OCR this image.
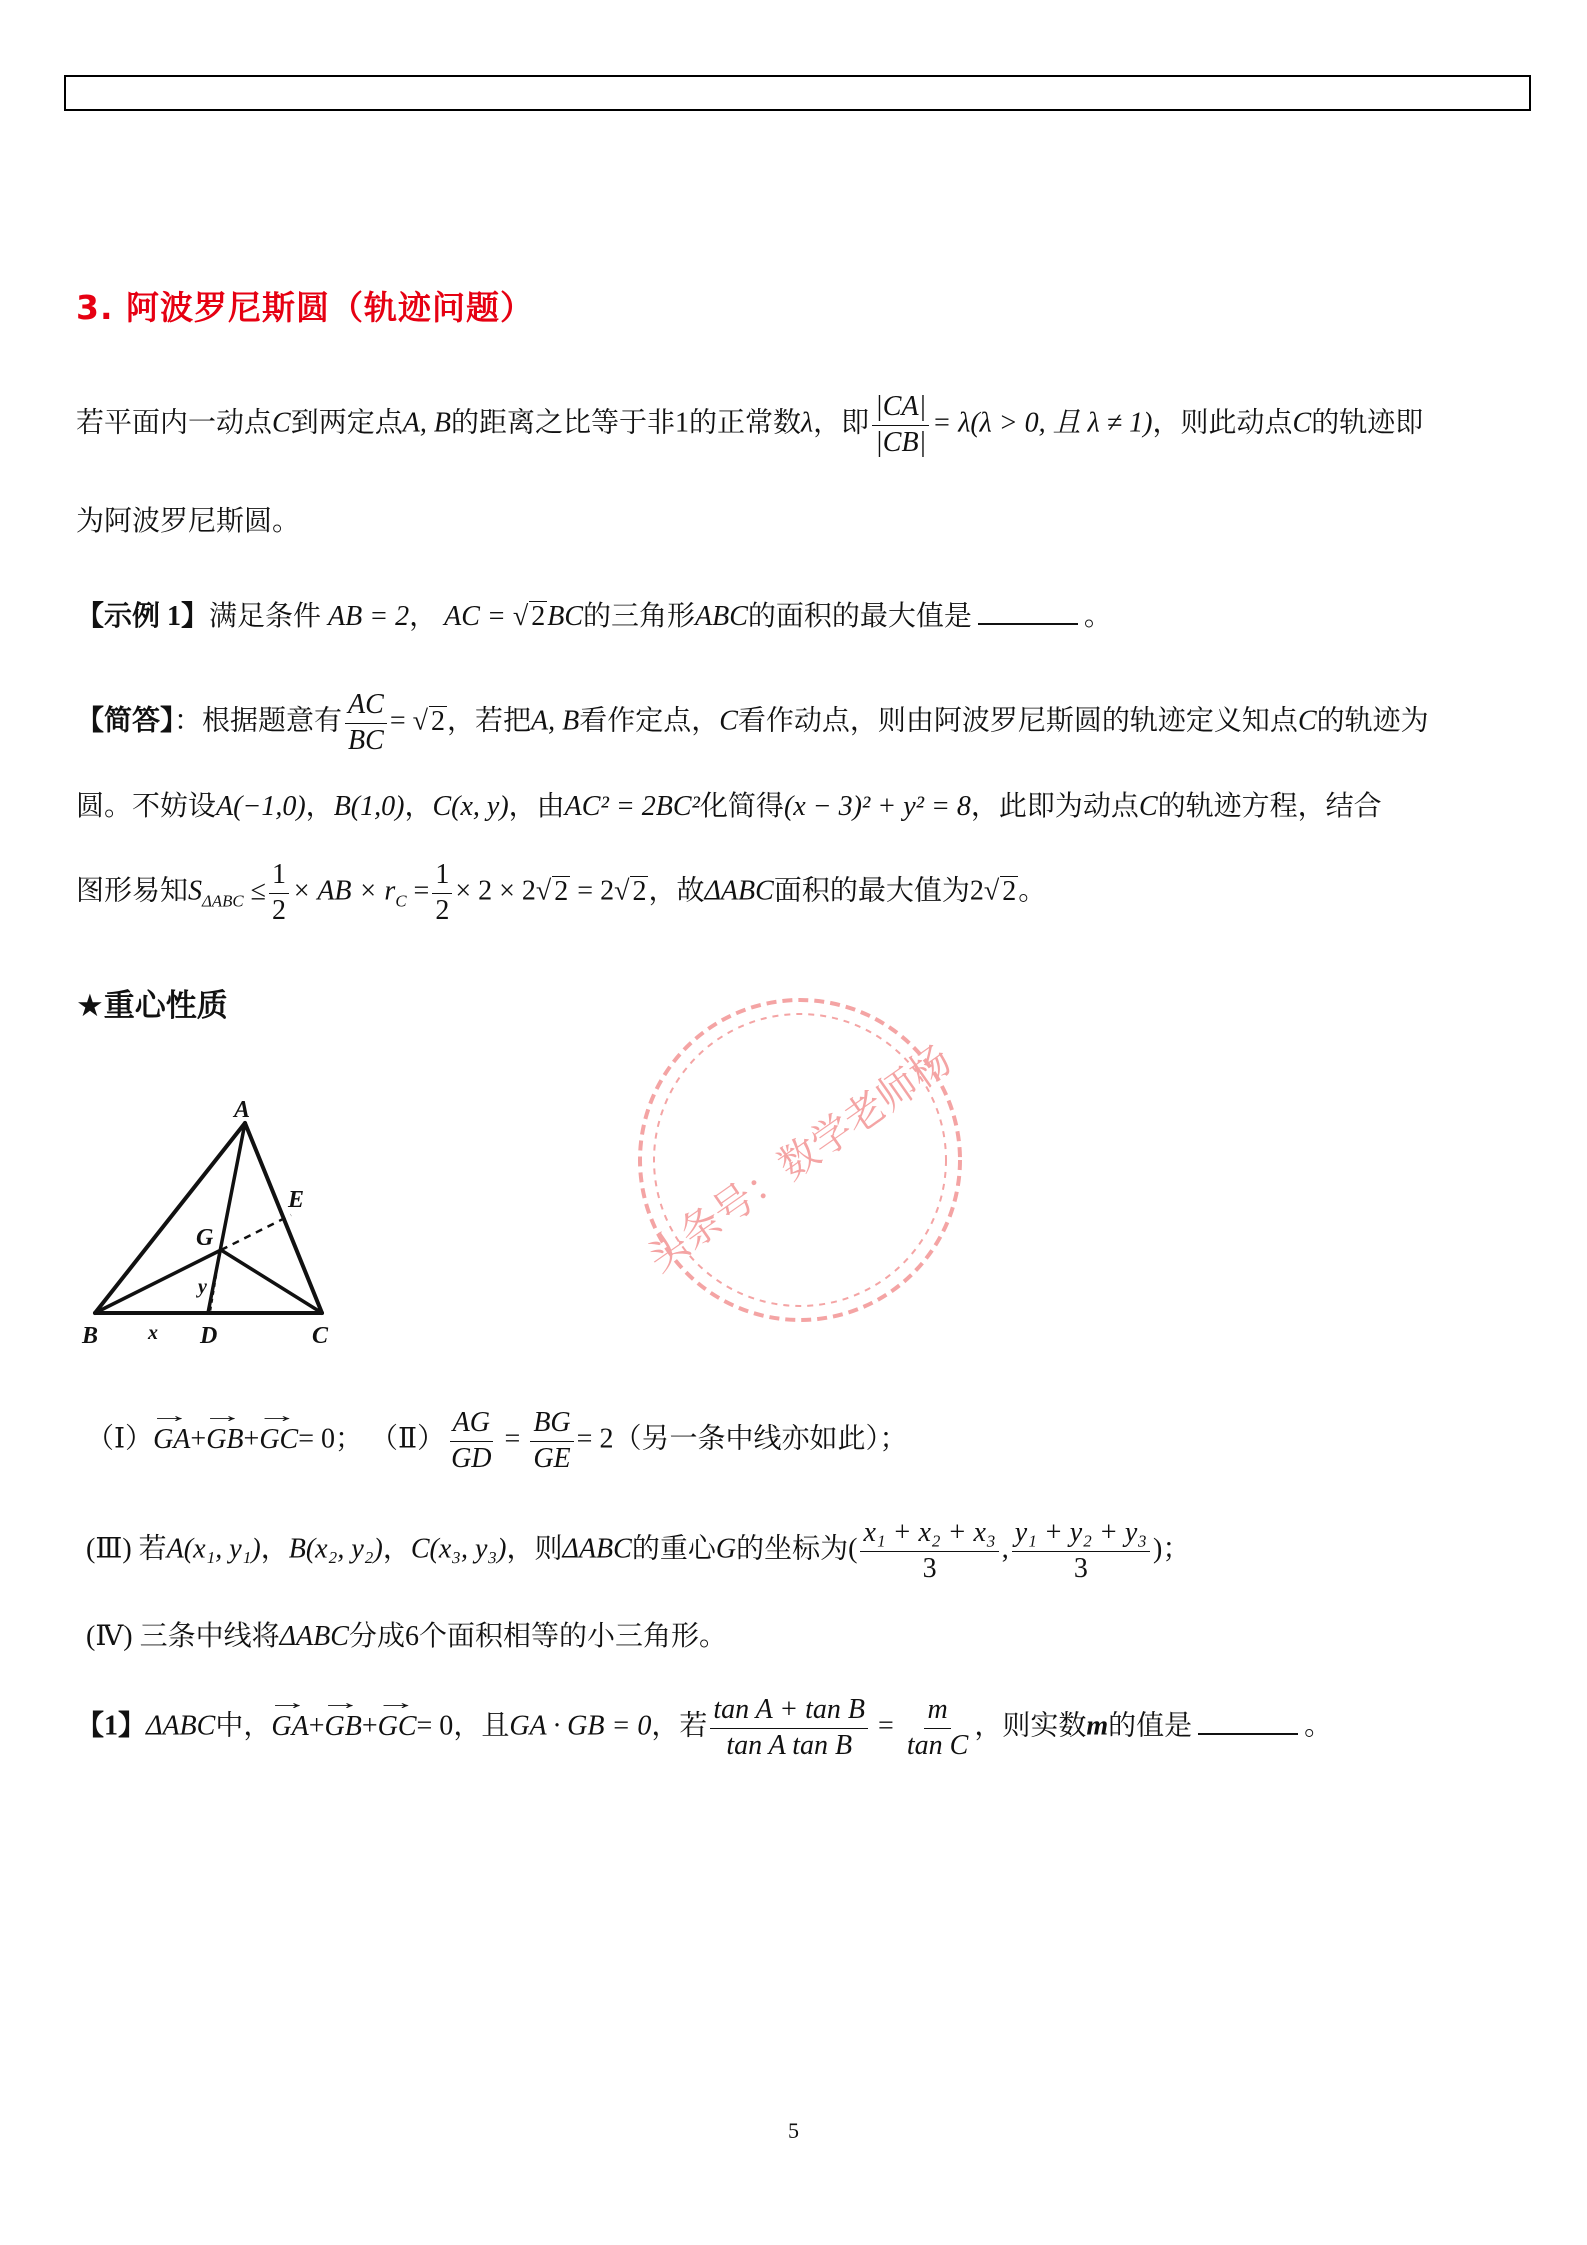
3. 阿波罗尼斯圆（轨迹问题）
若平面内一动点C到两定点A, B的距离之比等于非1的正常数λ，即 $\frac{|CA|}{|CB|} = \lambda(\lambda > 0$, 且 λ ≠ 1)，则此动点C的轨迹即
为阿波罗尼斯圆。
【示例 1】满足条件 AB = 2， AC = √ 2BC的三角形ABC的面积的最大值是	。
【简答】：根据题意有 $\frac{AC}{BC}$ = √ 2，若把A, B看作定点，C看作动点，则由阿波罗尼斯圆的轨迹定义知点C的轨迹为
圆。不妨设A(−1,0)，B(1,0)，C(x, y)，由AC² = 2BC²化简得(x − 3)² + y² = 8，此即为动点C的轨迹方程，结合
图形易知$S_{\Delta ABC} \le \frac{1}{2}$ × AB × $r_C = \frac{1}{2} \times 2 \times 2√$ 2 = 2√ 2，故ΔABC面积的最大值为2√ 2。
★重心性质
A
B	C
D
E
G
x
y
头条号：数学老师杨
（Ⅰ）GA →+GB →+GC →= 0； （Ⅱ） $\frac{AG}{GD} = \frac{BG}{GE} = 2$（另一条中线亦如此）；
(Ⅲ) 若A(x₁, y₁)，B(x₂, y₂)，C(x₃, y₃)，则ΔABC的重心G的坐标为( $\frac{\text{x₁ + x₂ + x₃}}{3}$ , $\frac{\text{y₁ + y₂ + y₃}}{3}$ )；
(Ⅳ) 三条中线将ΔABC分成6个面积相等的小三角形。
【1】ΔABC中，GA →+GB →+GC →= 0，且GA · GB = 0，若 $\frac{\text{tan A + tan B}}{\text{tan A tan B}} = \frac{m}{\text{tan C}}$ ，则实数m的值是	。
5
